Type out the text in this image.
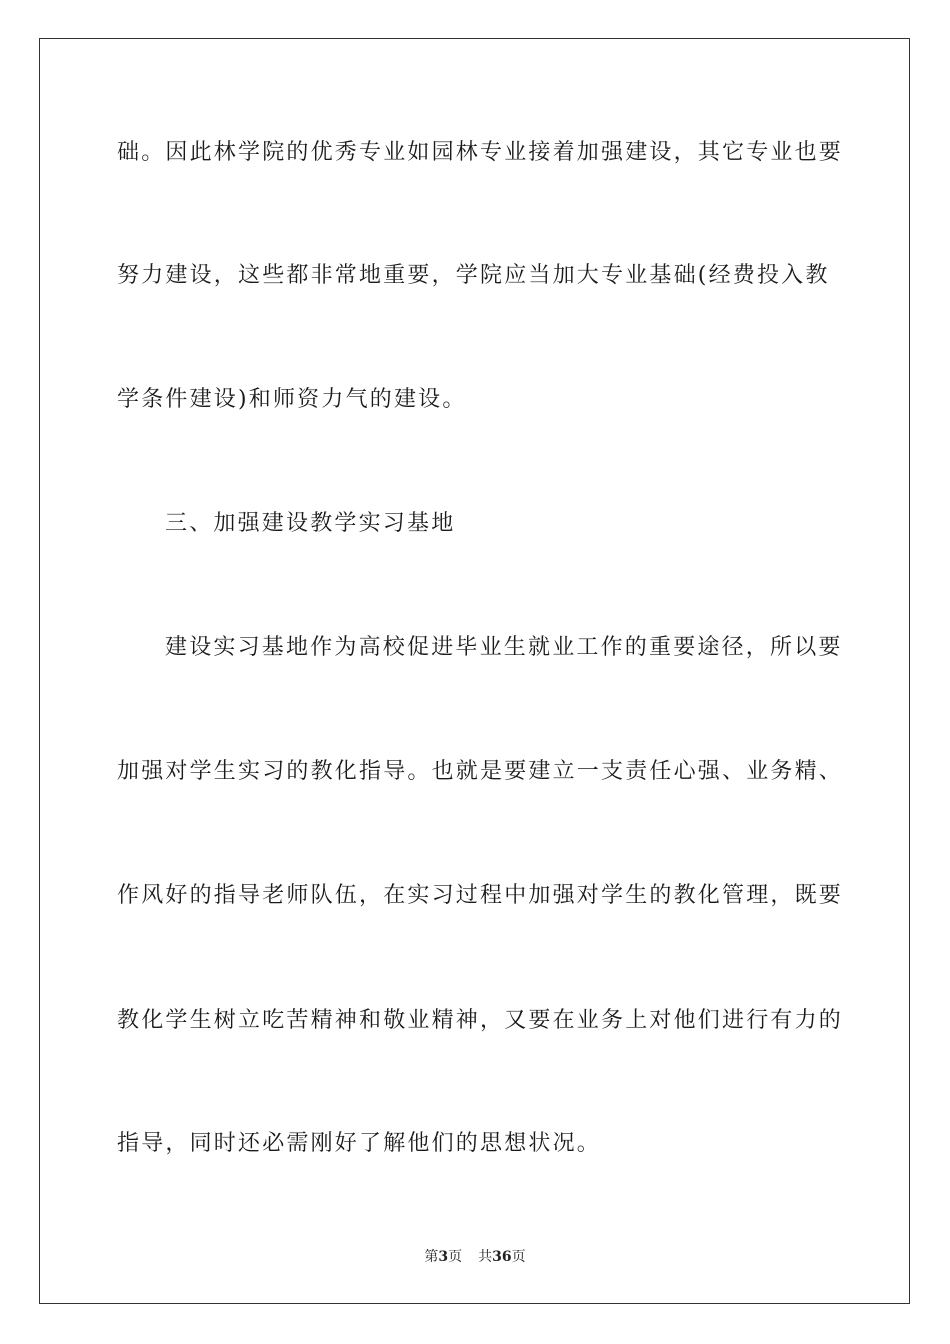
础。因此林学院的优秀专业如园林专业接着加强建设，其它专业也要
努力建设，这些都非常地重要，学院应当加大专业基础(经费投入教
学条件建设)和师资力气的建设。
三、加强建设教学实习基地
建设实习基地作为高校促进毕业生就业工作的重要途径，所以要
加强对学生实习的教化指导。也就是要建立一支责任心强、业务精、
作风好的指导老师队伍，在实习过程中加强对学生的教化管理，既要
教化学生树立吃苦精神和敬业精神，又要在业务上对他们进行有力的
指导，同时还必需刚好了解他们的思想状况。
第3页 共36页
